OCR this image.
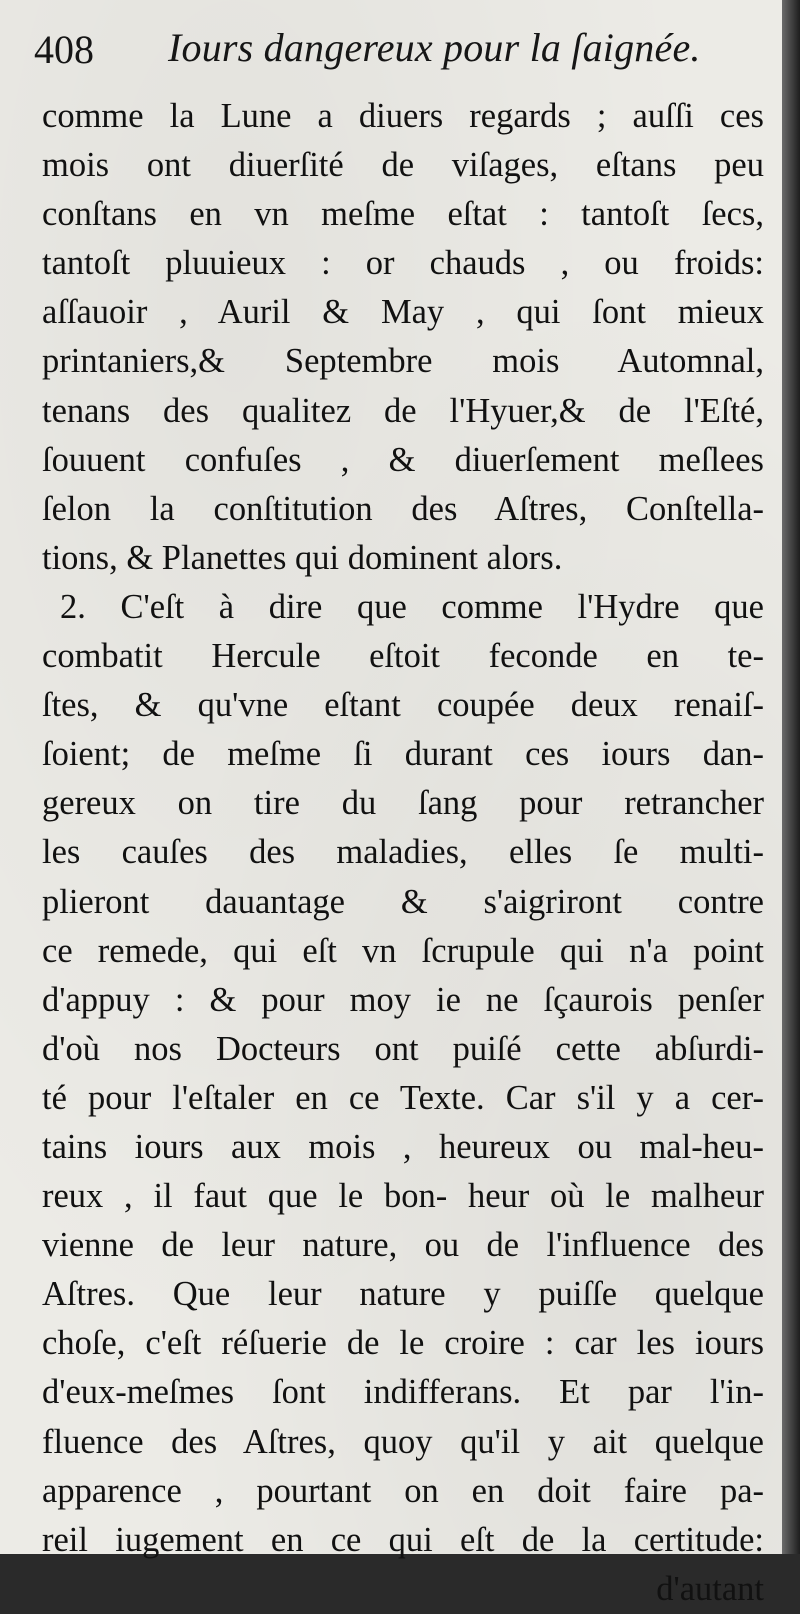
408 Iours dangereux pour la ſaignée.
comme la Lune a diuers regards ; auſſi ces
mois ont diuerſité de viſages, eſtans peu
conſtans en vn meſme eſtat : tantoſt ſecs,
tantoſt pluuieux : or chauds , ou froids:
aſſauoir , Auril & May , qui ſont mieux
printaniers,& Septembre mois Automnal,
tenans des qualitez de l'Hyuer,& de l'Eſté,
ſouuent confuſes , & diuerſement meſlees
ſelon la conſtitution des Aſtres, Conſtella-
tions, & Planettes qui dominent alors.
2. C'eſt à dire que comme l'Hydre que
combatit Hercule eſtoit feconde en te-
ſtes, & qu'vne eſtant coupée deux renaiſ-
ſoient; de meſme ſi durant ces iours dan-
gereux on tire du ſang pour retrancher
les cauſes des maladies, elles ſe multi-
plieront dauantage & s'aigriront contre
ce remede, qui eſt vn ſcrupule qui n'a point
d'appuy : & pour moy ie ne ſçaurois penſer
d'où nos Docteurs ont puiſé cette abſurdi-
té pour l'eſtaler en ce Texte. Car s'il y a cer-
tains iours aux mois , heureux ou mal-heu-
reux , il faut que le bon- heur où le malheur
vienne de leur nature, ou de l'influence des
Aſtres. Que leur nature y puiſſe quelque
choſe, c'eſt réſuerie de le croire : car les iours
d'eux-meſmes ſont indifferans. Et par l'in-
fluence des Aſtres, quoy qu'il y ait quelque
apparence , pourtant on en doit faire pa-
reil iugement en ce qui eſt de la certitude:
d'autant
